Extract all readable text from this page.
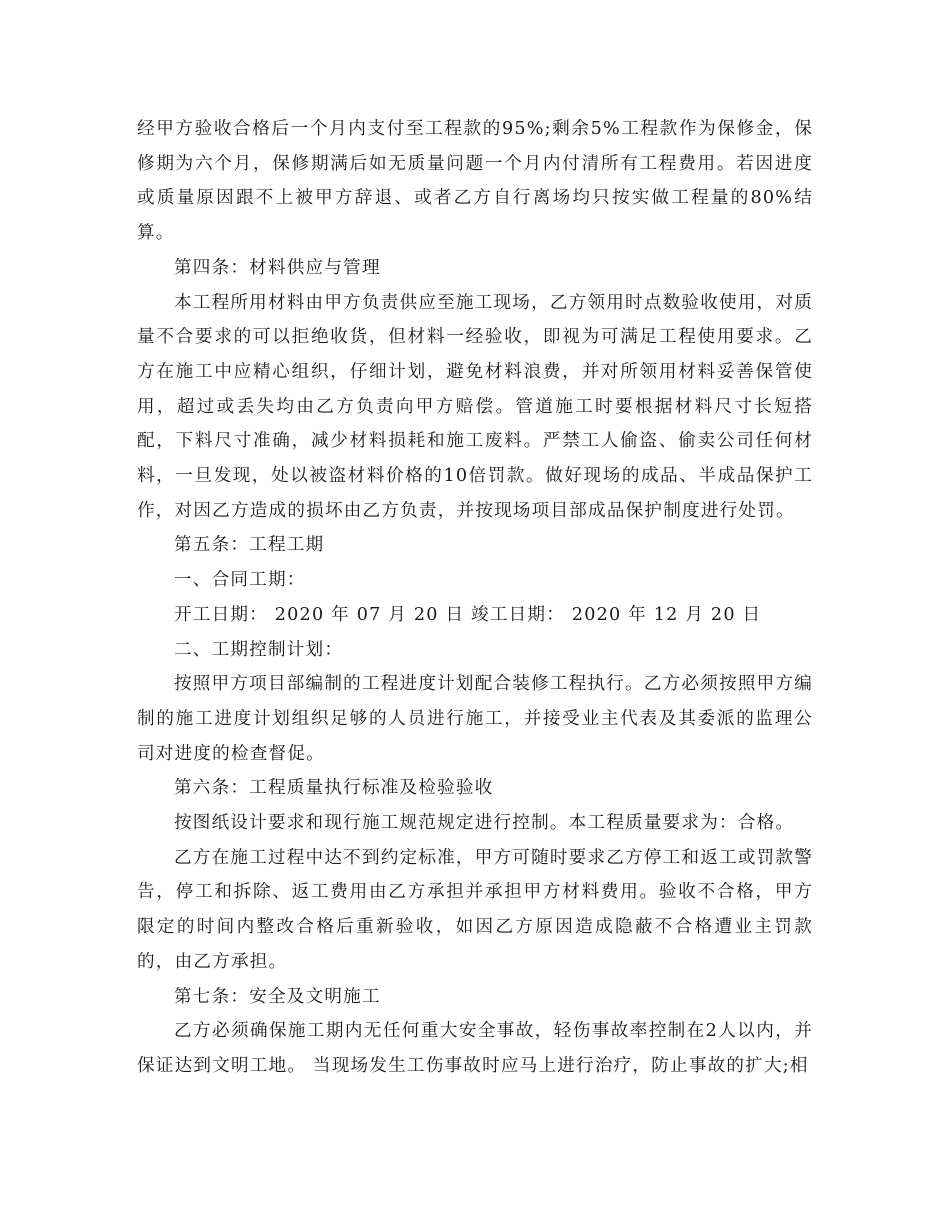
经甲方验收合格后一个月内支付至工程款的95%;剩余5%工程款作为保修金，保修期为六个月，保修期满后如无质量问题一个月内付清所有工程费用。若因进度或质量原因跟不上被甲方辞退、或者乙方自行离场均只按实做工程量的80%结算。

第四条：材料供应与管理

本工程所用材料由甲方负责供应至施工现场，乙方领用时点数验收使用，对质量不合要求的可以拒绝收货，但材料一经验收，即视为可满足工程使用要求。乙方在施工中应精心组织，仔细计划，避免材料浪费，并对所领用材料妥善保管使用，超过或丢失均由乙方负责向甲方赔偿。管道施工时要根据材料尺寸长短搭配，下料尺寸准确，减少材料损耗和施工废料。严禁工人偷盗、偷卖公司任何材料，一旦发现，处以被盗材料价格的10倍罚款。做好现场的成品、半成品保护工作，对因乙方造成的损坏由乙方负责，并按现场项目部成品保护制度进行处罚。

第五条：工程工期

一、合同工期：

开工日期： 2020 年 07 月 20 日 竣工日期： 2020 年 12 月 20 日

二、工期控制计划：

按照甲方项目部编制的工程进度计划配合装修工程执行。乙方必须按照甲方编制的施工进度计划组织足够的人员进行施工，并接受业主代表及其委派的监理公司对进度的检查督促。

第六条：工程质量执行标准及检验验收

按图纸设计要求和现行施工规范规定进行控制。本工程质量要求为：合格。

乙方在施工过程中达不到约定标准，甲方可随时要求乙方停工和返工或罚款警告，停工和拆除、返工费用由乙方承担并承担甲方材料费用。验收不合格，甲方限定的时间内整改合格后重新验收，如因乙方原因造成隐蔽不合格遭业主罚款的，由乙方承担。

第七条：安全及文明施工

乙方必须确保施工期内无任何重大安全事故，轻伤事故率控制在2人以内，并保证达到文明工地。 当现场发生工伤事故时应马上进行治疗，防止事故的扩大;相
